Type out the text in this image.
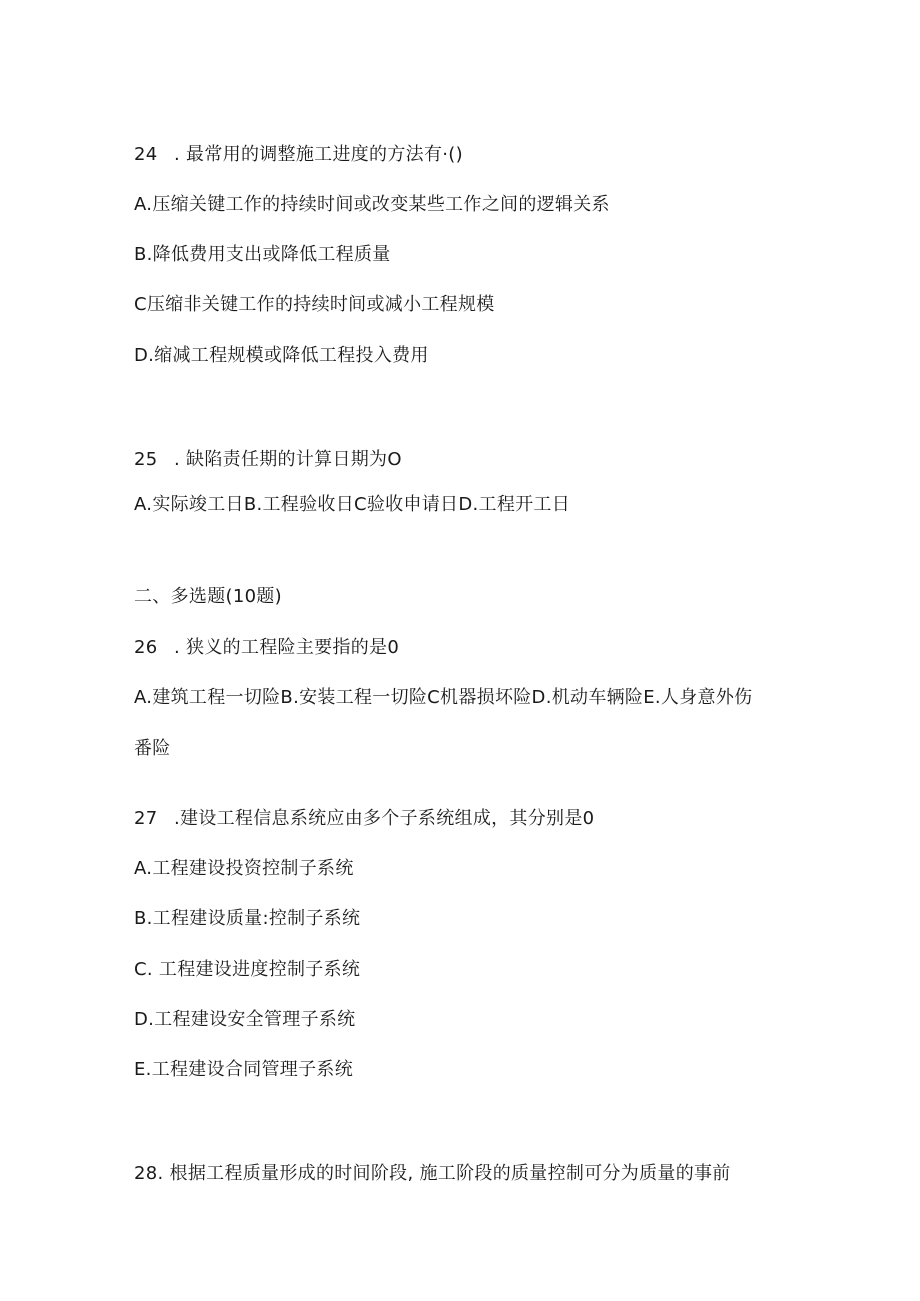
24 . 最常用的调整施工进度的方法有·()
A.压缩关键工作的持续时间或改变某些工作之间的逻辑关系
B.降低费用支出或降低工程质量
C压缩非关键工作的持续时间或减小工程规模
D.缩减工程规模或降低工程投入费用
25 . 缺陷责任期的计算日期为O
A.实际竣工日B.工程验收日C验收申请日D.工程开工日
二、多选题(10题)
26 . 狭义的工程险主要指的是0
A.建筑工程一切险B.安装工程一切险C机器损坏险D.机动车辆险E.人身意外伤
番险
27 .建设工程信息系统应由多个子系统组成，其分别是0
A.工程建设投资控制子系统
B.工程建设质量:控制子系统
C. 工程建设进度控制子系统
D.工程建设安全管理子系统
E.工程建设合同管理子系统
28. 根据工程质量形成的时间阶段, 施工阶段的质量控制可分为质量的事前
